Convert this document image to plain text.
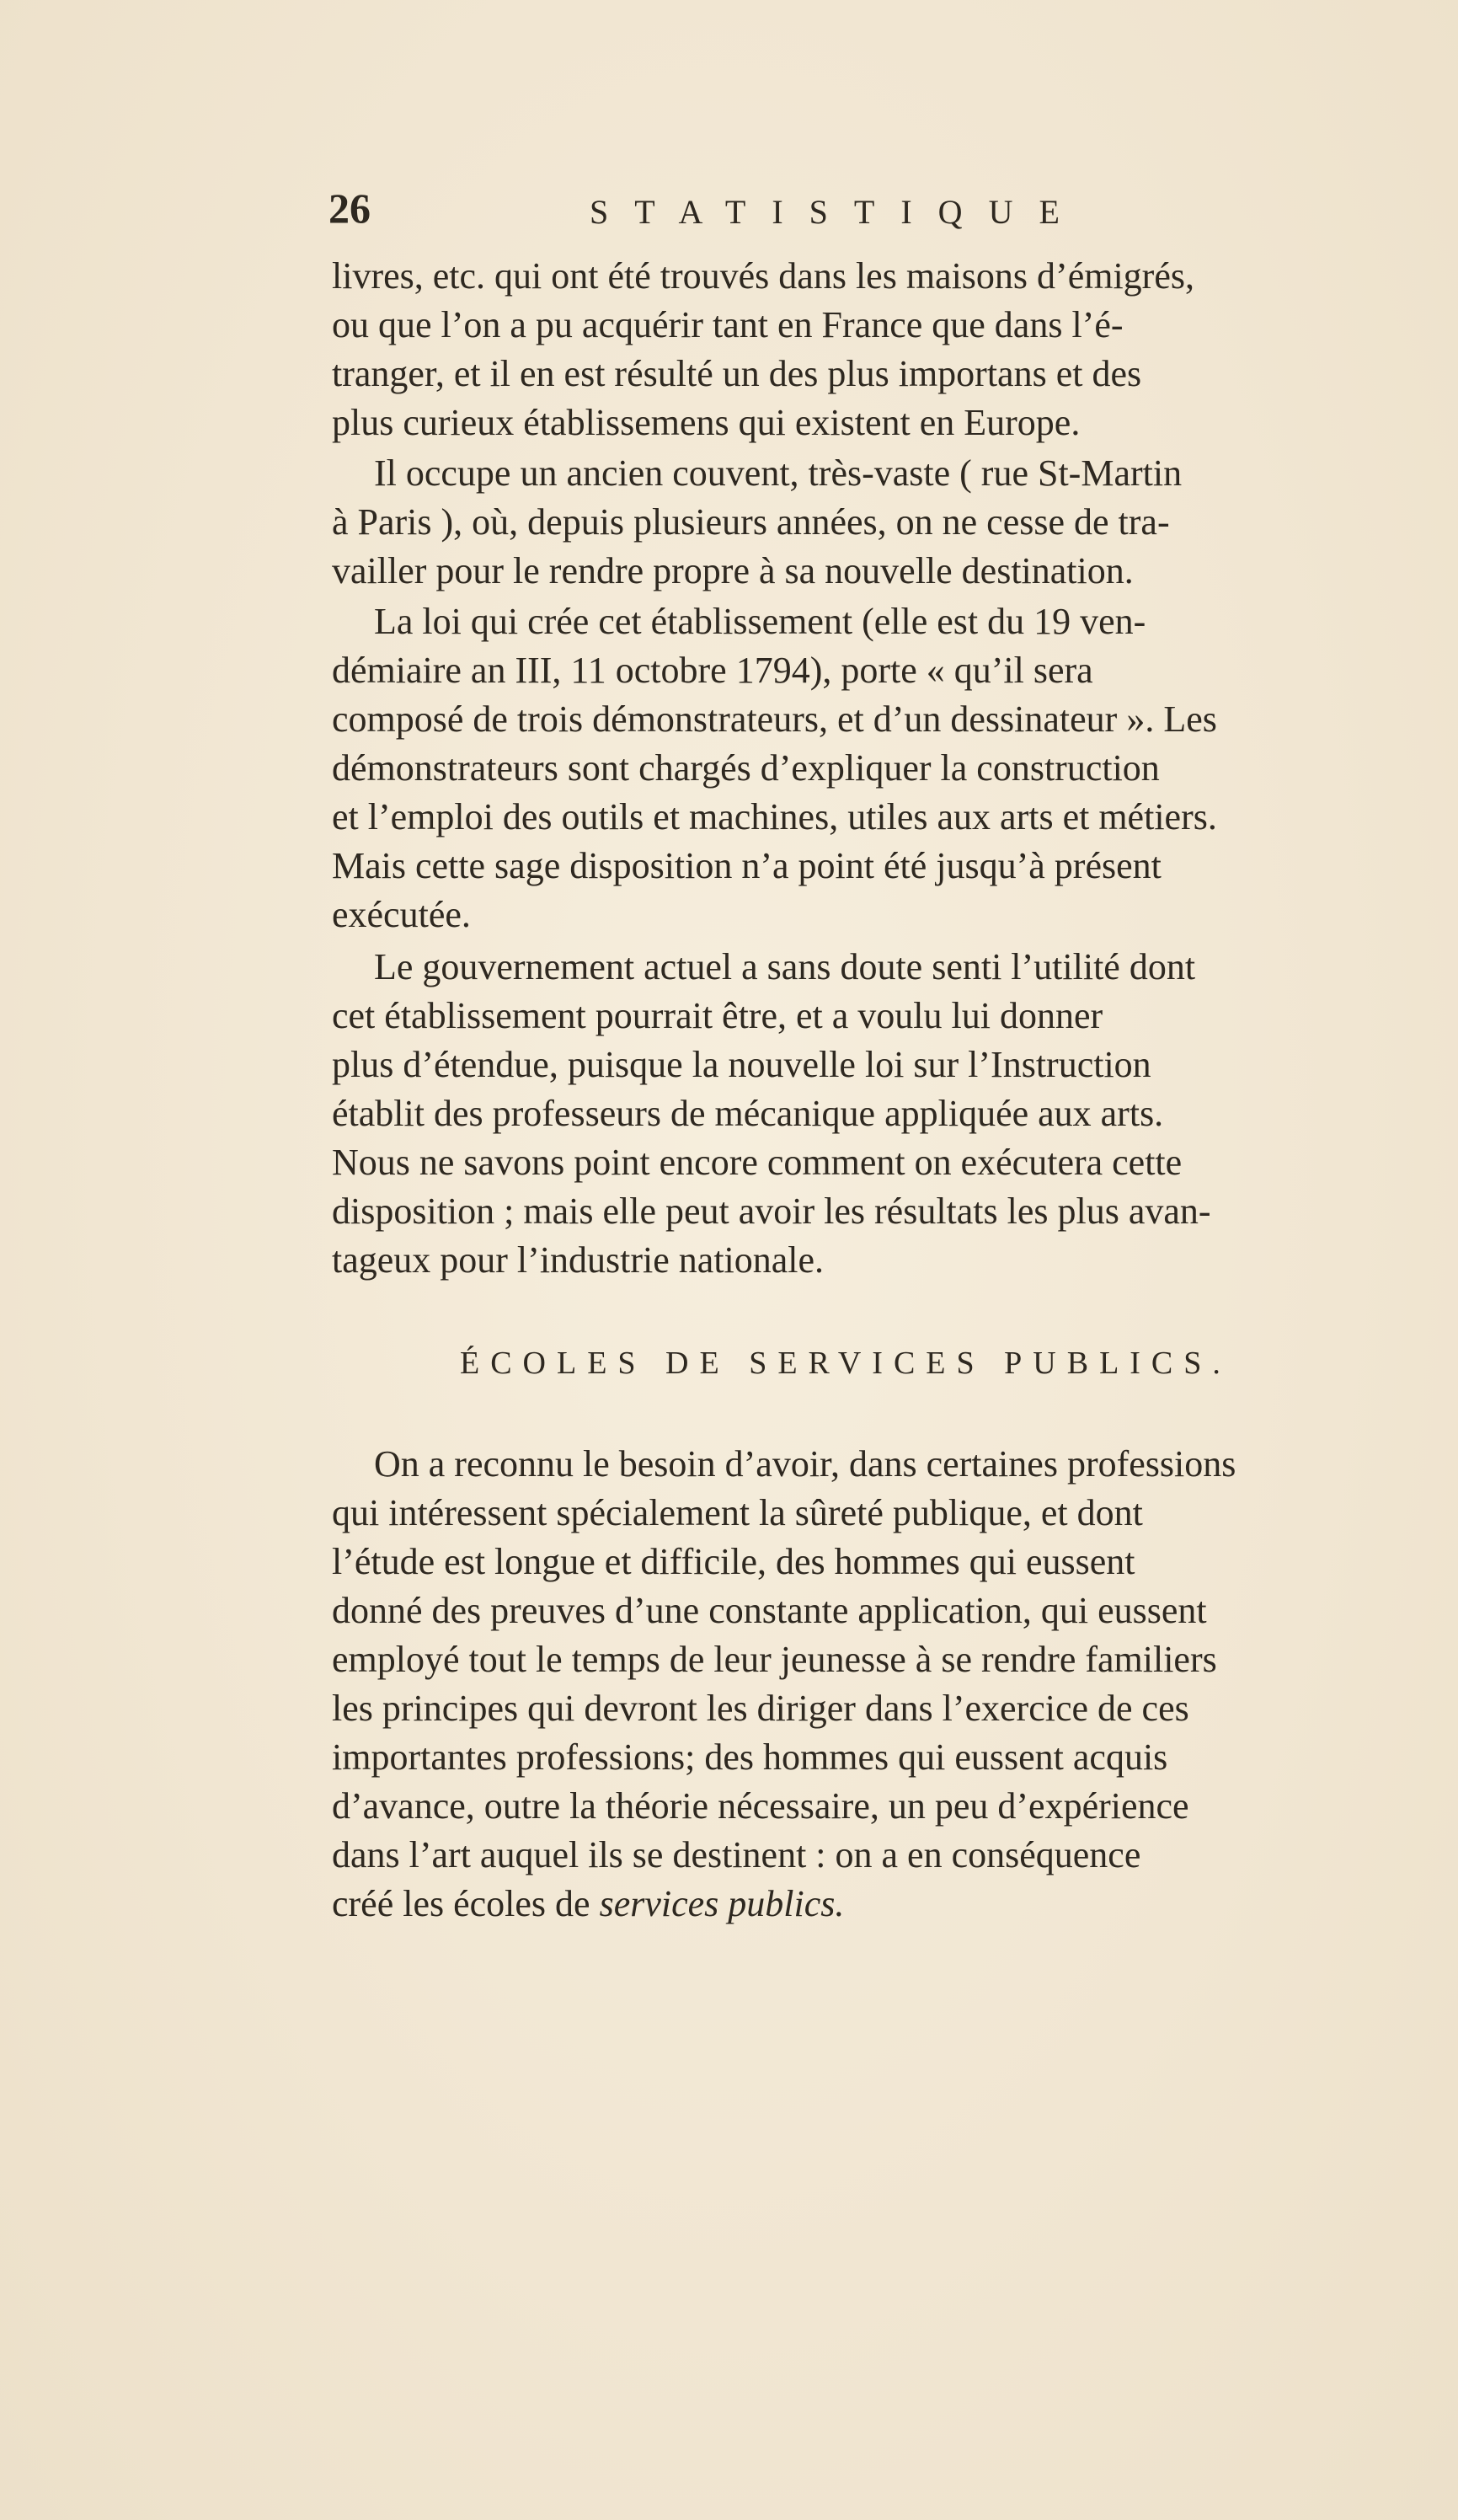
26	STATISTIQUE
livres, etc. qui ont été trouvés dans les maisons d’émigrés,
ou que l’on a pu acquérir tant en France que dans l’é-
tranger, et il en est résulté un des plus importans et des
plus curieux établissemens qui existent en Europe.
Il occupe un ancien couvent, très-vaste ( rue St-Martin
à Paris ), où, depuis plusieurs années, on ne cesse de tra-
vailler pour le rendre propre à sa nouvelle destination.
La loi qui crée cet établissement (elle est du 19 ven-
démiaire an III, 11 octobre 1794), porte « qu’il sera
composé de trois démonstrateurs, et d’un dessinateur ». Les
démonstrateurs sont chargés d’expliquer la construction
et l’emploi des outils et machines, utiles aux arts et métiers.
Mais cette sage disposition n’a point été jusqu’à présent
exécutée.
Le gouvernement actuel a sans doute senti l’utilité dont
cet établissement pourrait être, et a voulu lui donner
plus d’étendue, puisque la nouvelle loi sur l’Instruction
établit des professeurs de mécanique appliquée aux arts.
Nous ne savons point encore comment on exécutera cette
disposition ; mais elle peut avoir les résultats les plus avan-
tageux pour l’industrie nationale.
ÉCOLES DE SERVICES PUBLICS.
On a reconnu le besoin d’avoir, dans certaines professions
qui intéressent spécialement la sûreté publique, et dont
l’étude est longue et difficile, des hommes qui eussent
donné des preuves d’une constante application, qui eussent
employé tout le temps de leur jeunesse à se rendre familiers
les principes qui devront les diriger dans l’exercice de ces
importantes professions; des hommes qui eussent acquis
d’avance, outre la théorie nécessaire, un peu d’expérience
dans l’art auquel ils se destinent : on a en conséquence
créé les écoles de services publics.
